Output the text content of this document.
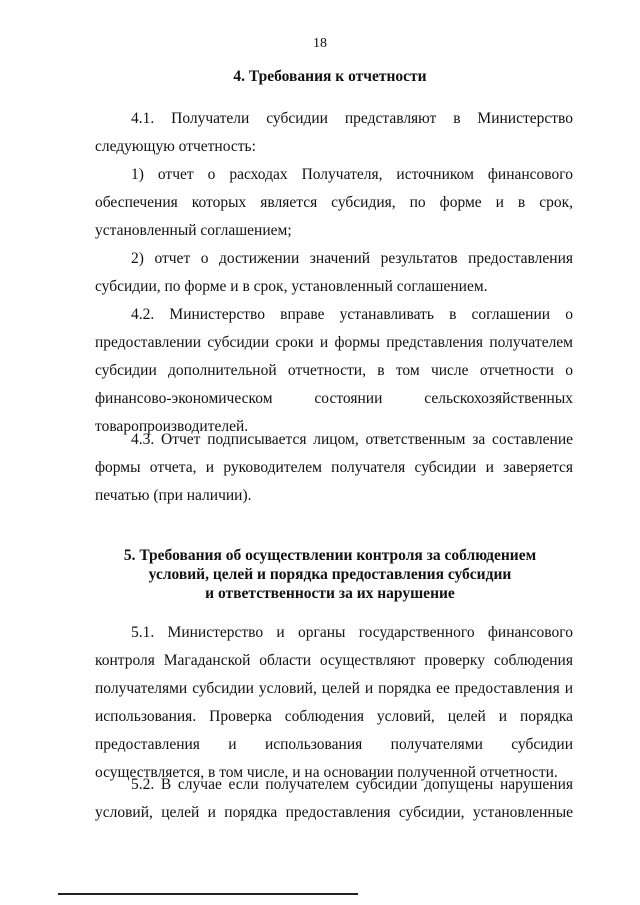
18
4. Требования к отчетности

4.1. Получатели субсидии представляют в Министерство следующую отчетность:

1) отчет о расходах Получателя, источником финансового обеспечения которых является субсидия, по форме и в срок, установленный соглашением;

2) отчет о достижении значений результатов предоставления субсидии, по форме и в срок, установленный соглашением.

4.2. Министерство вправе устанавливать в соглашении о предоставлении субсидии сроки и формы представления получателем субсидии дополнительной отчетности, в том числе отчетности о финансово-экономическом состоянии сельскохозяйственных товаропроизводителей.

4.3. Отчет подписывается лицом, ответственным за составление формы отчета, и руководителем получателя субсидии и заверяется печатью (при наличии).

5. Требования об осуществлении контроля за соблюдением
условий, целей и порядка предоставления субсидии
и ответственности за их нарушение

5.1. Министерство и органы государственного финансового контроля Магаданской области осуществляют проверку соблюдения получателями субсидии условий, целей и порядка ее предоставления и использования. Проверка соблюдения условий, целей и порядка предоставления и использования получателями субсидии осуществляется, в том числе, и на основании полученной отчетности.

5.2. В случае если получателем субсидии допущены нарушения условий, целей и порядка предоставления субсидии, установленные
